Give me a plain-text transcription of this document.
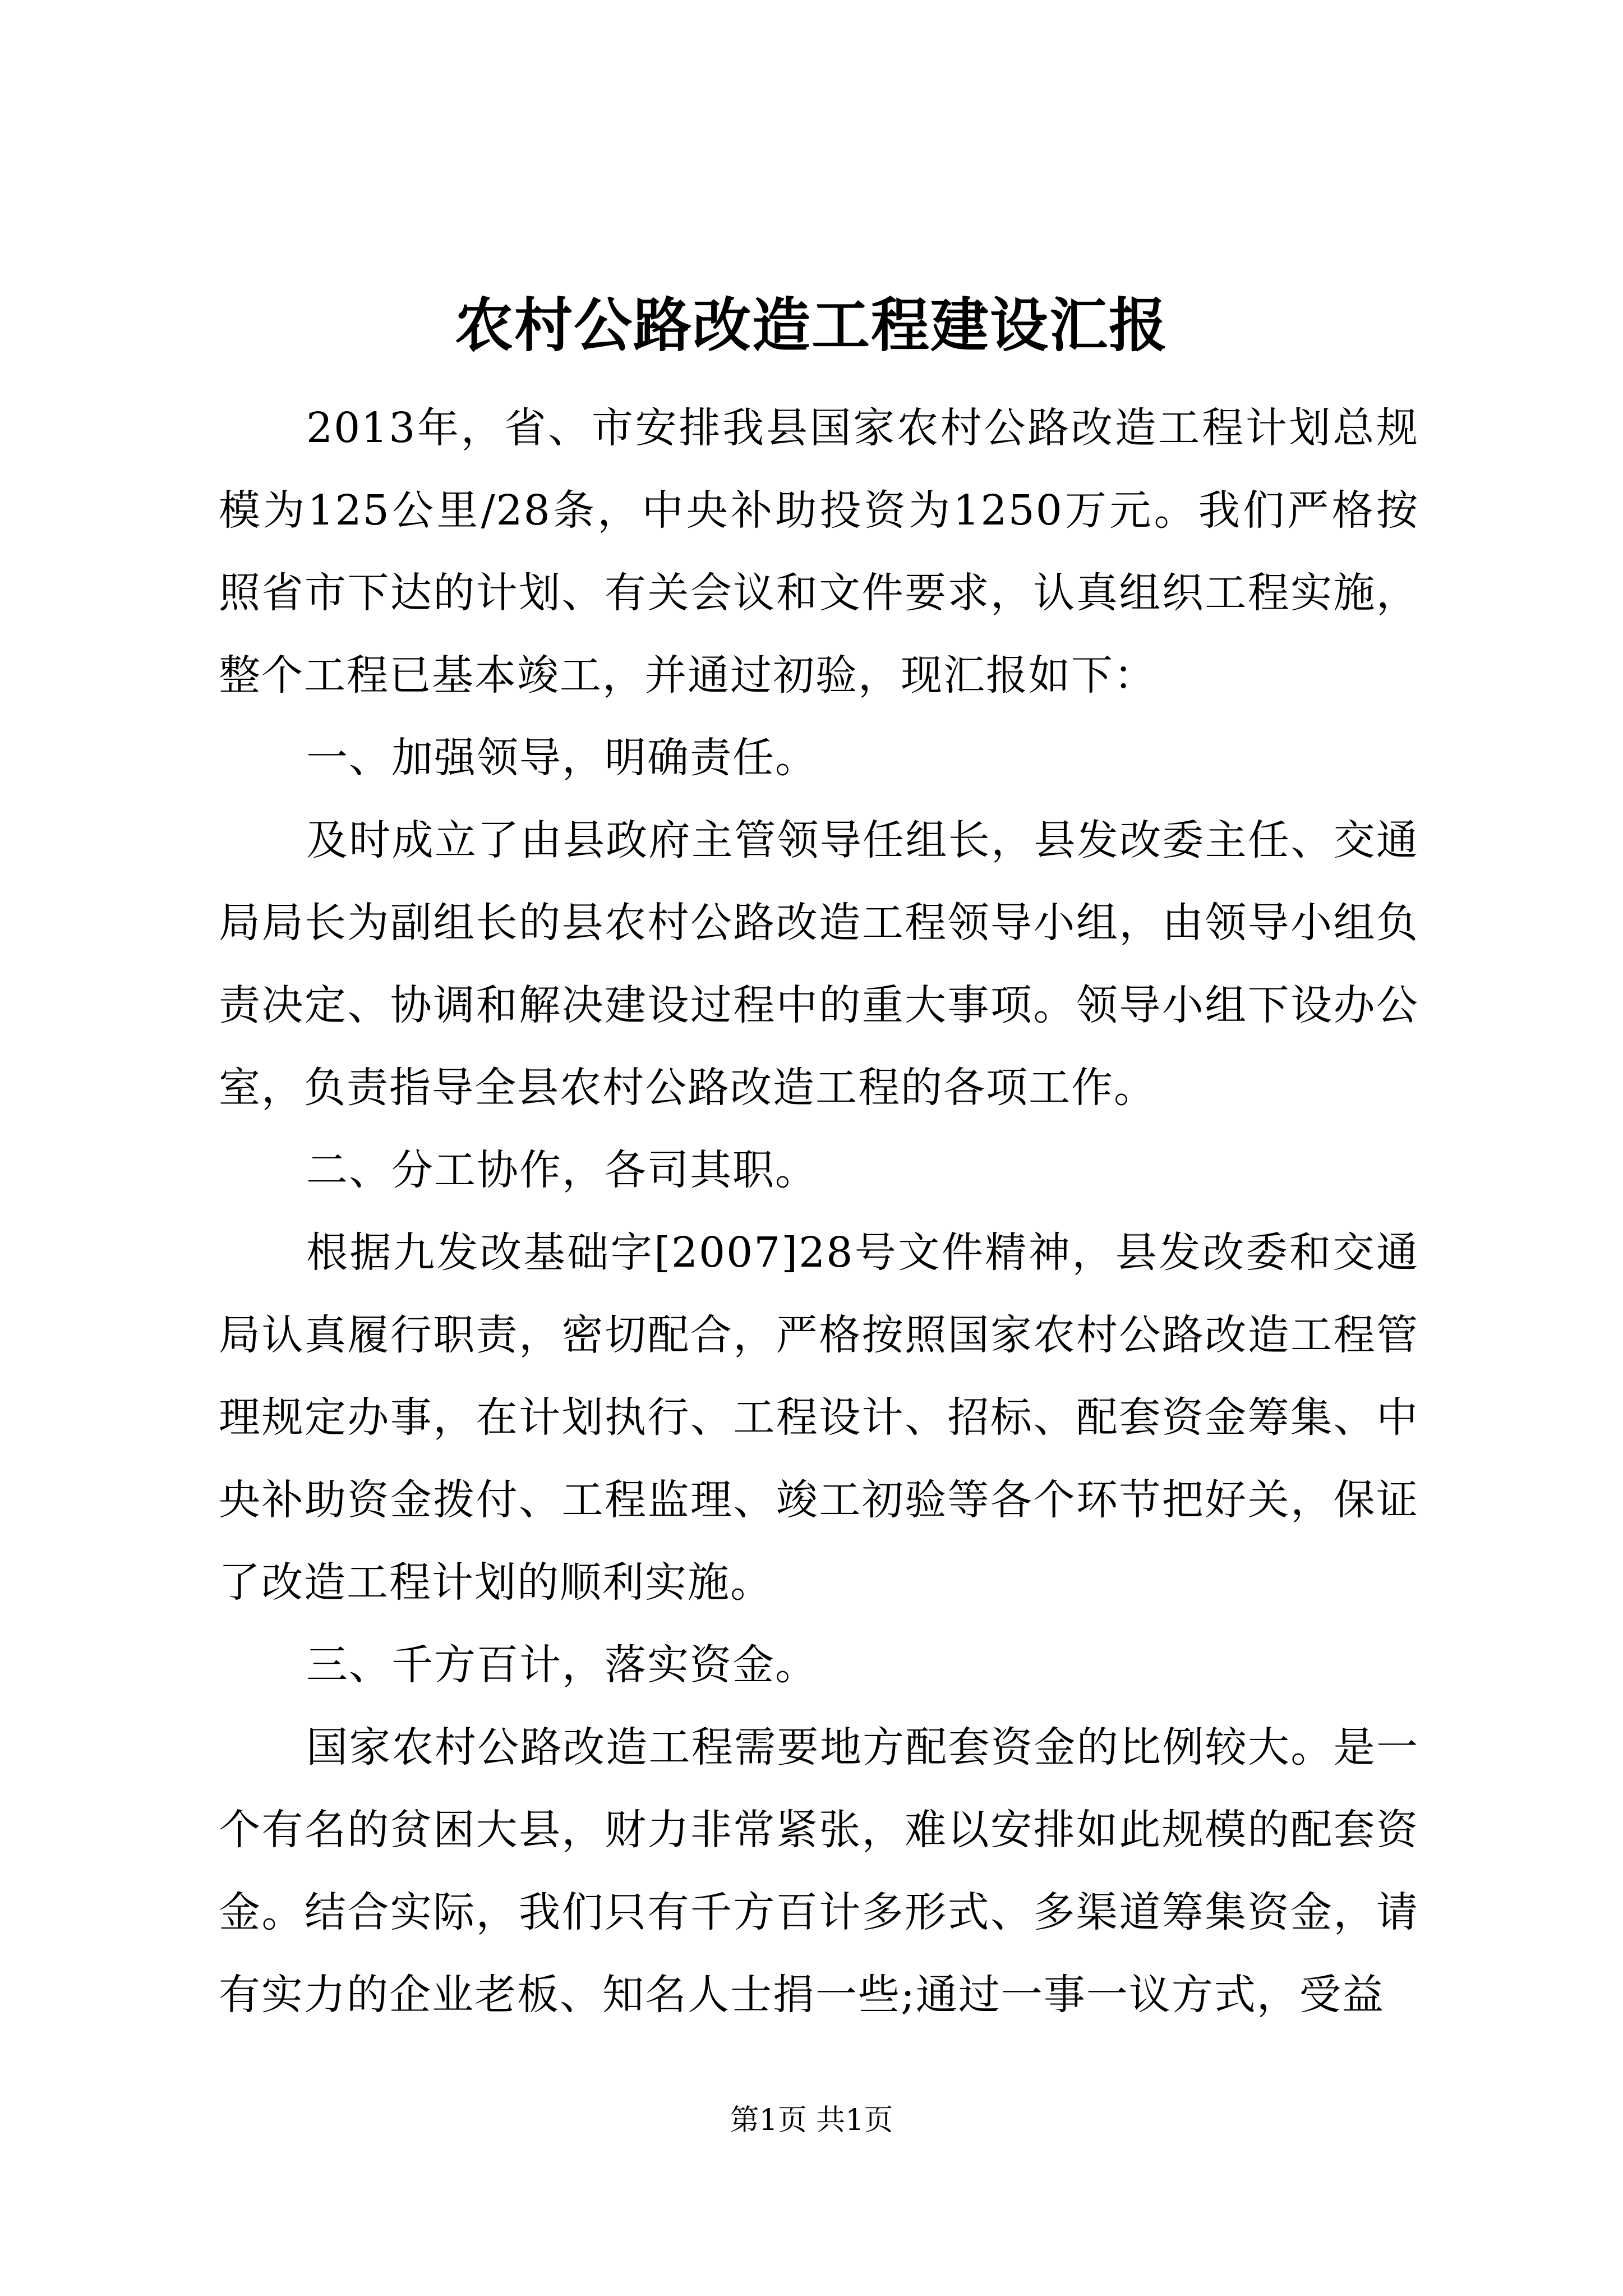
农村公路改造工程建设汇报

2013年，省、市安排我县国家农村公路改造工程计划总规模为125公里/28条，中央补助投资为1250万元。我们严格按照省市下达的计划、有关会议和文件要求，认真组织工程实施，整个工程已基本竣工，并通过初验，现汇报如下：

一、加强领导，明确责任。

及时成立了由县政府主管领导任组长，县发改委主任、交通局局长为副组长的县农村公路改造工程领导小组，由领导小组负责决定、协调和解决建设过程中的重大事项。领导小组下设办公室，负责指导全县农村公路改造工程的各项工作。

二、分工协作，各司其职。

根据九发改基础字[2007]28号文件精神，县发改委和交通局认真履行职责，密切配合，严格按照国家农村公路改造工程管理规定办事，在计划执行、工程设计、招标、配套资金筹集、中央补助资金拨付、工程监理、竣工初验等各个环节把好关，保证了改造工程计划的顺利实施。

三、千方百计，落实资金。

国家农村公路改造工程需要地方配套资金的比例较大。是一个有名的贫困大县，财力非常紧张，难以安排如此规模的配套资金。结合实际，我们只有千方百计多形式、多渠道筹集资金，请有实力的企业老板、知名人士捐一些;通过一事一议方式，受益

第1页 共1页
